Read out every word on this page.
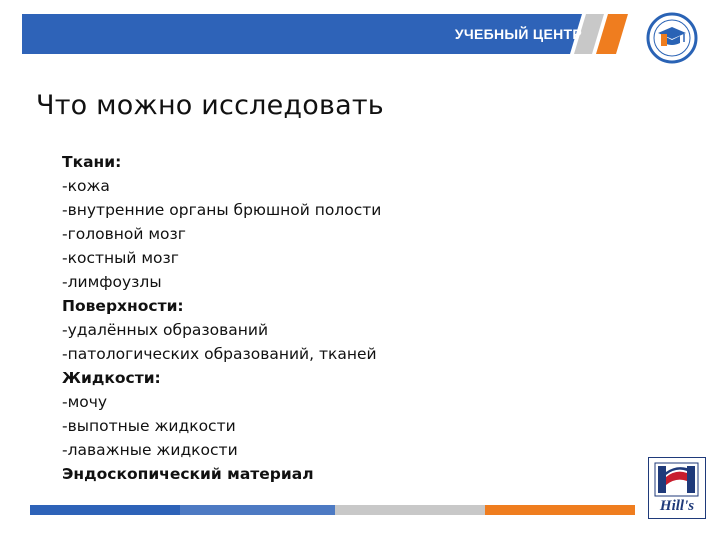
УЧЕБНЫЙ ЦЕНТР
Что можно исследовать
Ткани:
-кожа
-внутренние органы брюшной полости
-головной мозг
-костный мозг
-лимфоузлы
Поверхности:
-удалённых образований
-патологических образований, тканей
Жидкости:
-мочу
-выпотные жидкости
-лаважные жидкости
Эндоскопический материал
Hill's
